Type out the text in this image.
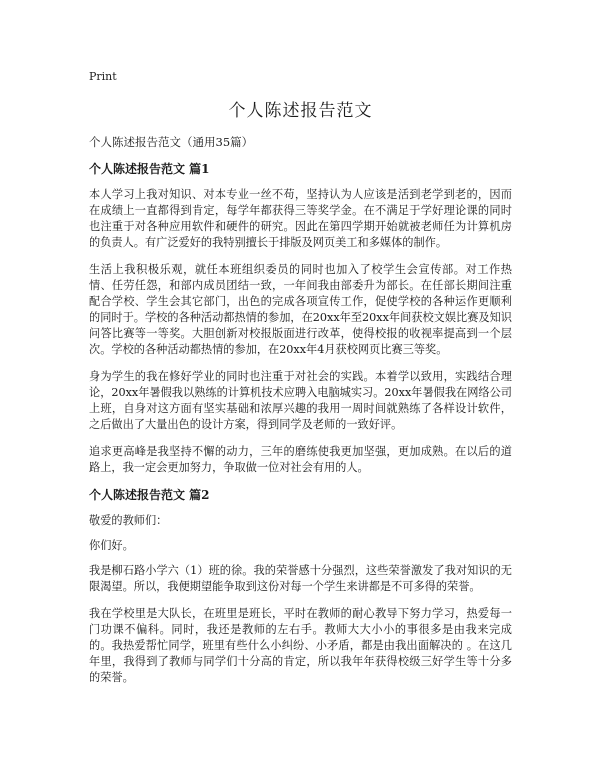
Print
个人陈述报告范文
个人陈述报告范文（通用35篇）
个人陈述报告范文 篇1

本人学习上我对知识、对本专业一丝不苟，坚持认为人应该是活到老学到老的，因而在成绩上一直都得到肯定，每学年都获得三等奖学金。在不满足于学好理论课的同时也注重于对各种应用软件和硬件的研究。因此在第四学期开始就被老师任为计算机房的负责人。有广泛爱好的我特别擅长于排版及网页美工和多媒体的制作。

生活上我积极乐观，就任本班组织委员的同时也加入了校学生会宣传部。对工作热情、任劳任怨，和部内成员团结一致，一年间我由部委升为部长。在任部长期间注重配合学校、学生会其它部门，出色的完成各项宣传工作，促使学校的各种运作更顺利的同时于。学校的各种活动都热情的参加，在20xx年至20xx年间获校文娱比赛及知识问答比赛等一等奖。大胆创新对校报版面进行改革，使得校报的收视率提高到一个层次。学校的各种活动都热情的参加，在20xx年4月获校网页比赛三等奖。

身为学生的我在修好学业的同时也注重于对社会的实践。本着学以致用，实践结合理论，20xx年暑假我以熟练的计算机技术应聘入电脑城实习。20xx年暑假我在网络公司上班，自身对这方面有坚实基础和浓厚兴趣的我用一周时间就熟练了各样设计软件，之后做出了大量出色的设计方案，得到同学及老师的一致好评。

追求更高峰是我坚持不懈的动力，三年的磨练使我更加坚强，更加成熟。在以后的道路上，我一定会更加努力，争取做一位对社会有用的人。

个人陈述报告范文 篇2

敬爱的教师们：

你们好。

我是柳石路小学六（1）班的徐。我的荣誉感十分强烈，这些荣誉激发了我对知识的无限渴望。所以，我便期望能争取到这份对每一个学生来讲都是不可多得的荣誉。

我在学校里是大队长，在班里是班长，平时在教师的耐心教导下努力学习，热爱每一门功课不偏科。同时，我还是教师的左右手。教师大大小小的事很多是由我来完成的。我热爱帮忙同学，班里有些什么小纠纷、小矛盾，都是由我出面解决的 。在这几年里，我得到了教师与同学们十分高的肯定，所以我年年获得校级三好学生等十分多的荣誉。
